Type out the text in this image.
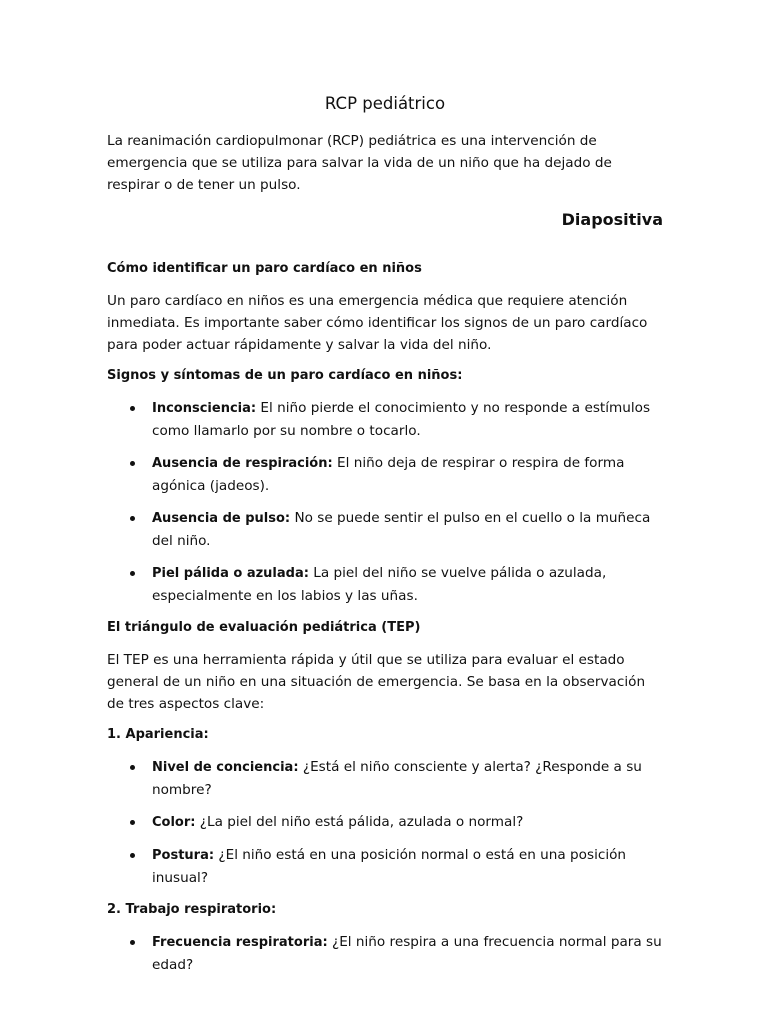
RCP pediátrico
La reanimación cardiopulmonar (RCP) pediátrica es una intervención de emergencia que se utiliza para salvar la vida de un niño que ha dejado de respirar o de tener un pulso.
Diapositiva
Cómo identificar un paro cardíaco en niños
Un paro cardíaco en niños es una emergencia médica que requiere atención inmediata. Es importante saber cómo identificar los signos de un paro cardíaco para poder actuar rápidamente y salvar la vida del niño.
Signos y síntomas de un paro cardíaco en niños:
Inconsciencia: El niño pierde el conocimiento y no responde a estímulos como llamarlo por su nombre o tocarlo.
Ausencia de respiración: El niño deja de respirar o respira de forma agónica (jadeos).
Ausencia de pulso: No se puede sentir el pulso en el cuello o la muñeca del niño.
Piel pálida o azulada: La piel del niño se vuelve pálida o azulada, especialmente en los labios y las uñas.
El triángulo de evaluación pediátrica (TEP)
El TEP es una herramienta rápida y útil que se utiliza para evaluar el estado general de un niño en una situación de emergencia. Se basa en la observación de tres aspectos clave:
1. Apariencia:
Nivel de conciencia: ¿Está el niño consciente y alerta? ¿Responde a su nombre?
Color: ¿La piel del niño está pálida, azulada o normal?
Postura: ¿El niño está en una posición normal o está en una posición inusual?
2. Trabajo respiratorio:
Frecuencia respiratoria: ¿El niño respira a una frecuencia normal para su edad?
